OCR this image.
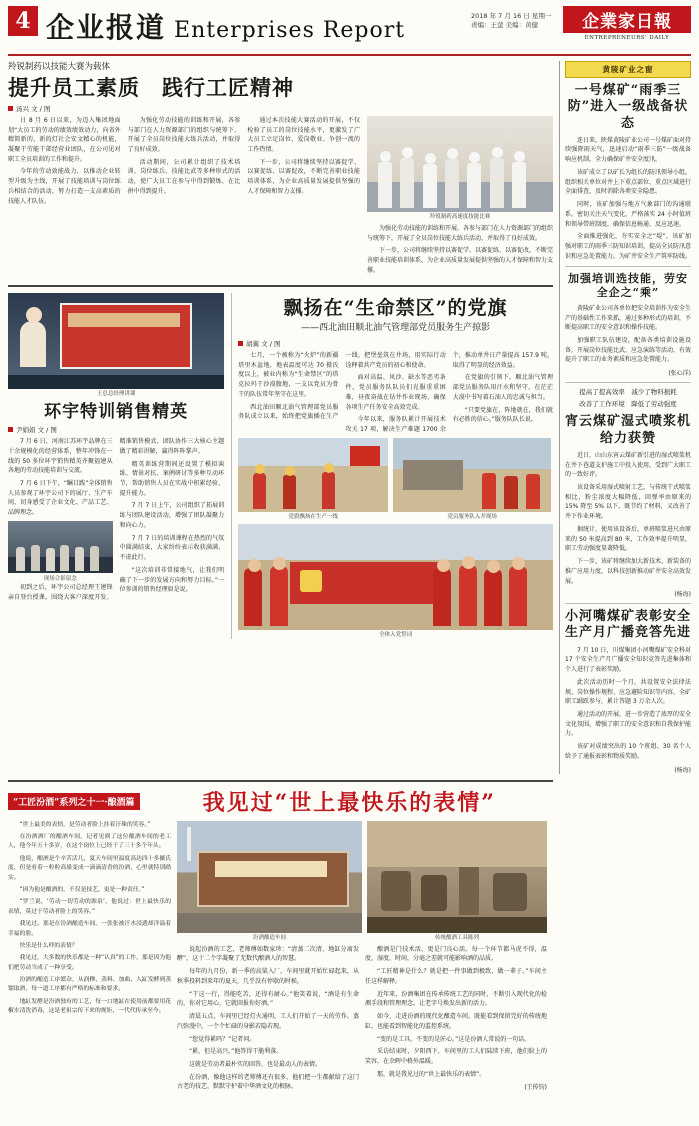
4 企业报道 Enterprises Report
2018 年 7 月 16 日 星期一
责编：王萤 美编：黄健	企業家日報
ENTREPRENEURS' DAILY
羚锐制药以技能大赛为载体
提升员工素质　践行工匠精神
汤兴 文 / 图

日 8 月 6 日以来，为迈入集团地面划“大员工的劳动的绩效绩效动力，向省外精简新的，新的灯社会安文精心的机能，凝聚干劳能干部经营业团队，在公司见对职工全员培训的工作和提升。

今年的劳动效能战力，以推动企业转型升级为主线，开展了技能培训与岗位练兵相结合的活动，努力打造一支高素质的技能人才队伍。

为强化劳动技能的训练和开展，各参与部门在人力资源部门的组织与统筹下，开展了全员岗位技能大练兵活动，并取得了良好成效。

活动期间，公司累计组织了技术培训、岗位练兵、技能比武等多种形式的活动，使广大员工在参与中得到锻炼、在比拼中得到提升。

通过本次技能大赛活动的开展，不仅检验了员工的岗位技能水平，更激发了广大员工立足岗位、爱岗敬业、争创一流的工作热情。

下一步，公司将继续坚持以赛促学、以赛促练、以赛促改，不断完善职业技能培训体系，为企业高质量发展提供坚强的人才保障和智力支撑。

羚锐制药高速度技能比赛

为强化劳动技能的训练和开展，各参与部门在人力资源部门的组织与统筹下，开展了全员岗位技能大练兵活动，并取得了良好成效。

下一步，公司将继续坚持以赛促学、以赛促练、以赛促改，不断完善职业技能培训体系，为企业高质量发展提供坚强的人才保障和智力支撑。

王总总经理讲课
环宇特训销售精英
尹娟娟 文 / 图

7 月 6 日，河南江苏环宇品牌在三十余规模化的经营体系，整年冲锋在一线的 50 多位环宇销售精英齐聚福建从各地的劳动技能培训与交流。

7 月 6 日下午，“瞩目践”全体销售人员参观了环宇公司下的展厅、生产车间，切身感受了企业文化、产品工艺、品牌理念。

现场合影留念

初到之后，环宇公司总经理王建锋亲自登台授课，围绕大客户深度开发、精准销售模式、团队协作三大核心主题做了精彩讲解，赢得阵阵掌声。

精英训练营期间还设置了模拟演练、情景对抗、案例研讨等多种互动环节，帮助销售人员在实战中积累经验、提升能力。

7 月 7 日上午，公司组织了拓展训练与团队建设活动，增强了团队凝聚力和向心力。

7 月 7 日的培训课程在热烈的气氛中圆满结束，大家纷纷表示收获满满、不虚此行。

“这次培训非常接地气，让我们明确了下一步的发展方向和努力目标。”一位参训的销售经理如是说。

飘扬在“生命禁区”的党旗
——西北油田顺北油气管理部党员服务生产掠影
胡翼 文 / 图

七月，一个被称为“火炉”的新疆塔里木盆地，地表温度可达 70 摄氏度以上，被业内称为“生命禁区”的塔克拉玛干沙漠腹地，一支以党员为骨干的队伍常年坚守在这里。

西北油田顺北油气管理部党员服务队成立以来，始终把党旗插在生产一线、把堡垒筑在井场，用实际行动诠释着共产党员的初心和使命。

面对高温、风沙、缺水等恶劣条件，党员服务队队员们克服重重困难，昼夜奋战在钻井作业现场，确保各项生产任务安全高效完成。

今年以来，服务队累计开展技术攻关 17 项，解决生产难题 1700 余个，推动单井日产量提高 157.9 吨，取得了明显的经济效益。

在党旗的引领下，顺北油气管理部党员服务队用汗水和坚守，在茫茫大漠中书写着石油人的忠诚与担当。

“只要党旗在，阵地就在，我们就有必胜的信心。”服务队队长说。

党旗飘扬在生产一线	党员服务队入井现场
全体入党誓词
黄陵矿业之窗
一号煤矿“雨季三防”进入一级战备状态

连日来，陕煤黄陵矿业公司一号煤矿面对持续强降雨天气，迅速启动“雨季三防”一级战备响应机制，全力确保矿井安全度汛。

该矿成立了以矿长为组长的防汛领导小组，组织相关单位对井上下重点部位、重点区域进行全面排查，及时消除各类安全隐患。

同时，该矿加强与地方气象部门的沟通联系，密切关注天气变化，严格落实 24 小时值班和领导带班制度，确保信息畅通、反应迅速。

全面推进强化、夯实安全之“堤”，该矿加强对职工的雨季三防知识培训，提高全员防汛意识和应急处置能力，为矿井安全生产筑牢防线。

加强培训选技能，劳安全企之“乘”

黄陵矿业公司各单位把安全培训作为安全生产的基础性工作来抓，通过多种形式的培训，不断提高职工的安全意识和操作技能。

加强职工队伍建设，配备各类培训设施设备，开展岗位技能比武、应急演练等活动，有效提升了职工的业务素质和应急处置能力。

(张心洋)
提高了提高效率　减少了物料损耗
改善了工作环境　降低了劳动强度
宵云煤矿湿式喷浆机给力获赞

近日，山山东宵云煤矿新引进的湿式喷浆机在井下巷道支护施工中投入使用，受到广大职工的一致好评。

该设备采用湿式喷射工艺，与传统干式喷浆相比，粉尘浓度大幅降低，回弹率由原来的 15% 降至 5% 以下，既节约了材料，又改善了井下作业环境。

据统计，使用该设备后，单班喷浆进尺由原来的 50 米提高到 80 米，工作效率提升明显，职工劳动强度显著降低。

下一步，该矿将继续加大新技术、新装备的推广应用力度，以科技创新推动矿井安全高效发展。

(杨海)
小河嘴煤矿表彰安全生产月广播竞答先进

7 月 10 日，川煤集团小河嘴煤矿安全科对 17 个安全生产月广播安全知识竞答先进集体和个人进行了表彰奖励。

此次活动历时一个月，共设置安全法律法规、岗位操作规程、应急避险知识等内容，全矿职工踊跃参与，累计答题 3 万余人次。

通过活动的开展，进一步营造了浓厚的安全文化氛围，增强了职工的安全意识和自我保护能力。

该矿对成绩突出的 10 个班组、30 名个人给予了通报表彰和物质奖励。

(杨海)
“工匠汾酒”系列之十一·酿酒篇	我见过“世上最快乐的表情”

“世上最美的表情，是劳动者脸上挂着汗珠的笑容。”

在汾酒酒厂的酿酒车间，记者见到了这位酿酒车间的老工人，他今年五十多岁，在这个岗位上已经干了三十多个年头。

他说，酿酒是个辛苦活儿，夏天车间里温度高达四十多摄氏度，但是看着一粒粒高粱变成一滴滴清香的汾酒，心里就特别踏实。

“因为他是酿酒的，不仅是技艺，更是一种责任。”

“罗兰说，‘劳动一切劳动的源泉’，他说过：世上最快乐的表情，莫过于劳动者脸上的笑容。”

我见过。那是在汾酒酿造车间，一张张被汗水浸透却洋溢着幸福的脸。

快乐是什么样的表情？

我见过，大多数的快乐都是一种“认真”的工作，那是因为他们把劳动当成了一种享受。

汾酒的酿造工序繁杂，从润糁、蒸料、加曲、入缸发酵到蒸馏取酒，每一道工序都有严格的标准和要求。

地缸发酵是汾酒独有的工艺，每一口地缸在使用前都要用花椒水清洗消毒，这是老祖宗传下来的规矩，一代代传承至今。

汾酒酿造车间	传统酿酒工具陈列

说起汾酒的工艺，老师傅如数家珍：“清蒸二次清、地缸分离发酵”，这十二个字凝聚了无数代酿酒人的智慧。

每年的九月份，新一季的高粱入厂，车间里就开始忙碌起来，从秋季投料到来年的夏天，几乎没有停歇的时候。

“干这一行，得能吃苦，还得有耐心。”他笑着说，“酒是有生命的，你对它用心，它就回报你好酒。”

清晨五点，车间里已经灯火通明，工人们开始了一天的劳作。蒸汽弥漫中，一个个忙碌的身影若隐若现。

“您觉得累吗？”记者问。

“累，但是高兴。”他答得干脆利落。

这就是劳动者最朴实的回答，也是最动人的表情。

在汾酒，像他这样的老师傅还有很多，他们把一生都献给了这门古老的技艺，默默守护着中华酒文化的根脉。

酿酒是门技术活，更是门良心活。每一个环节都马虎不得，温度、湿度、时间，分毫之差就可能影响酒的品质。

“工匠精神是什么？就是把一件事做到极致，做一辈子。”车间主任这样解释。

近年来，汾酒集团在传承传统工艺的同时，不断引入现代化的检测手段和管理理念，让老字号焕发出新的活力。

如今，走进汾酒的现代化酿造车间，既能看到保留完好的传统地缸，也能看到智能化的监控系统。

“变的是工具，不变的是匠心。”这是汾酒人常说的一句话。

采访结束时，夕阳西下，车间里的工人们陆续下班，他们脸上的笑容，在余晖中格外温暖。

那，就是我见过的“世上最快乐的表情”。

(王传钧)
